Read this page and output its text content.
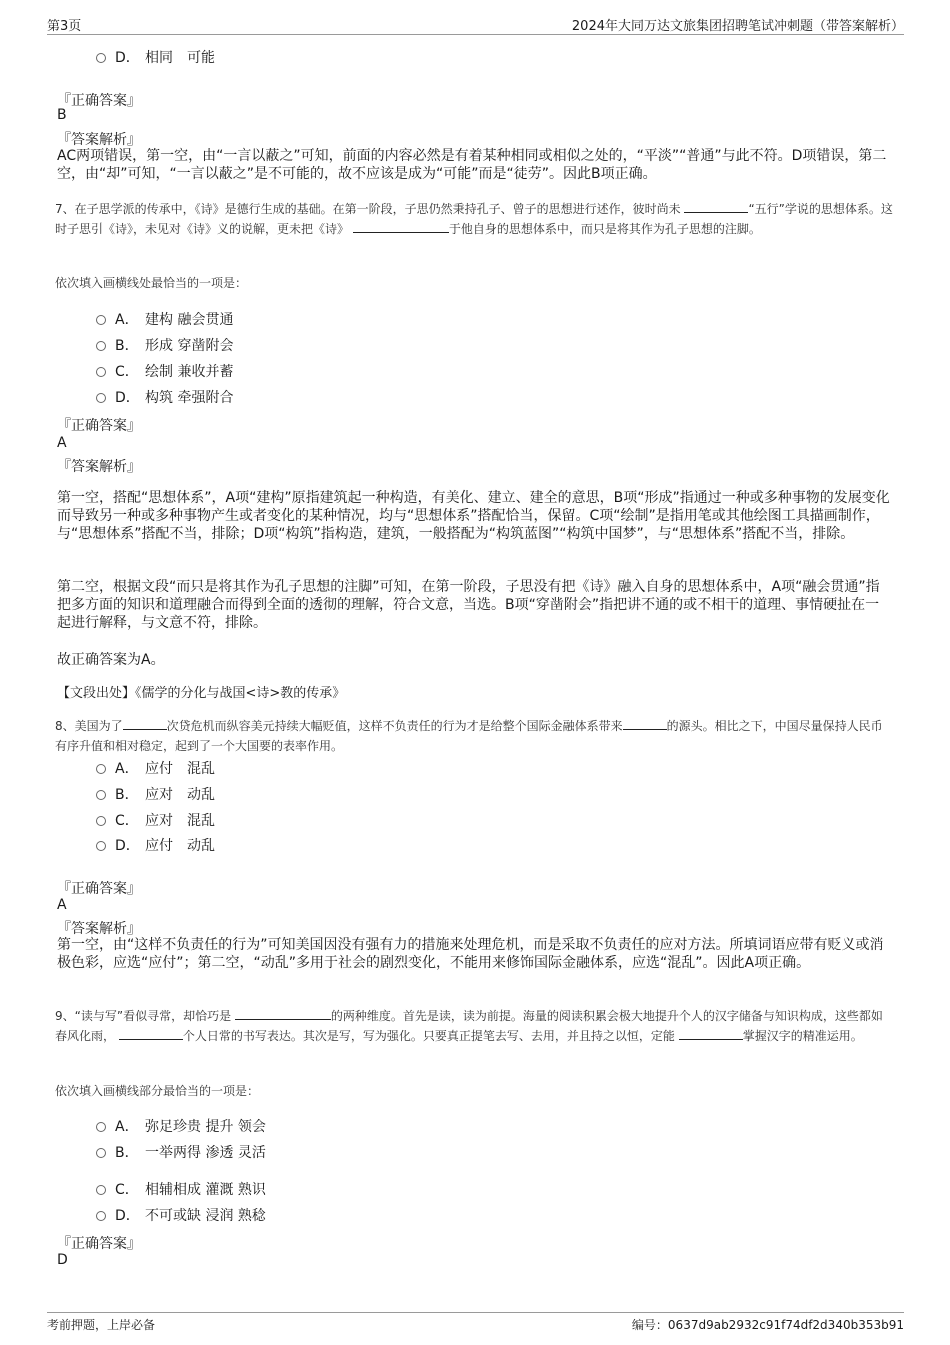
第3页	2024年大同万达文旅集团招聘笔试冲刺题（带答案解析）
D． 相同　可能
『正确答案』
B
『答案解析』
AC两项错误，第一空，由“一言以蔽之”可知，前面的内容必然是有着某种相同或相似之处的，“平淡”“普通”与此不符。D项错误，第二空，由“却”可知，“一言以蔽之”是不可能的，故不应该是成为“可能”而是“徒劳”。因此B项正确。
7、在子思学派的传承中，《诗》是德行生成的基础。在第一阶段，子思仍然秉持孔子、曾子的思想进行述作，彼时尚未	“五行”学说的思想体系。这时子思引《诗》，未见对《诗》义的说解，更未把《诗》	于他自身的思想体系中，而只是将其作为孔子思想的注脚。
依次填入画横线处最恰当的一项是：
A． 建构 融会贯通
B． 形成 穿凿附会
C． 绘制 兼收并蓄
D． 构筑 牵强附合
『正确答案』
A
『答案解析』
第一空，搭配“思想体系”，A项“建构”原指建筑起一种构造，有美化、建立、建全的意思，B项“形成”指通过一种或多种事物的发展变化而导致另一种或多种事物产生或者变化的某种情况，均与“思想体系”搭配恰当，保留。C项“绘制”是指用笔或其他绘图工具描画制作，与“思想体系”搭配不当，排除；D项“构筑”指构造，建筑，一般搭配为“构筑蓝图”“构筑中国梦”，与“思想体系”搭配不当，排除。
第二空，根据文段“而只是将其作为孔子思想的注脚”可知，在第一阶段，子思没有把《诗》融入自身的思想体系中，A项“融会贯通”指把多方面的知识和道理融合而得到全面的透彻的理解，符合文意，当选。B项“穿凿附会”指把讲不通的或不相干的道理、事情硬扯在一起进行解释，与文意不符，排除。
故正确答案为A。
【文段出处】《儒学的分化与战国<诗>教的传承》
8、美国为了	次贷危机而纵容美元持续大幅贬值，这样不负责任的行为才是给整个国际金融体系带来	的源头。相比之下，中国尽量保持人民币有序升值和相对稳定，起到了一个大国要的表率作用。
A． 应付　混乱
B． 应对　动乱
C． 应对　混乱
D． 应付　动乱
『正确答案』
A
『答案解析』
第一空，由“这样不负责任的行为”可知美国因没有强有力的措施来处理危机，而是采取不负责任的应对方法。所填词语应带有贬义或消极色彩，应选“应付”；第二空，“动乱”多用于社会的剧烈变化，不能用来修饰国际金融体系，应选“混乱”。因此A项正确。
9、“读与写”看似寻常，却恰巧是	的两种维度。首先是读，读为前提。海量的阅读积累会极大地提升个人的汉字储备与知识构成，这些都如春风化雨，	个人日常的书写表达。其次是写，写为强化。只要真正提笔去写、去用，并且持之以恒，定能	掌握汉字的精准运用。
依次填入画横线部分最恰当的一项是：
A． 弥足珍贵 提升 领会
B． 一举两得 渗透 灵活
C． 相辅相成 灌溉 熟识
D． 不可或缺 浸润 熟稔
『正确答案』
D
考前押题，上岸必备	编号：0637d9ab2932c91f74df2d340b353b91
